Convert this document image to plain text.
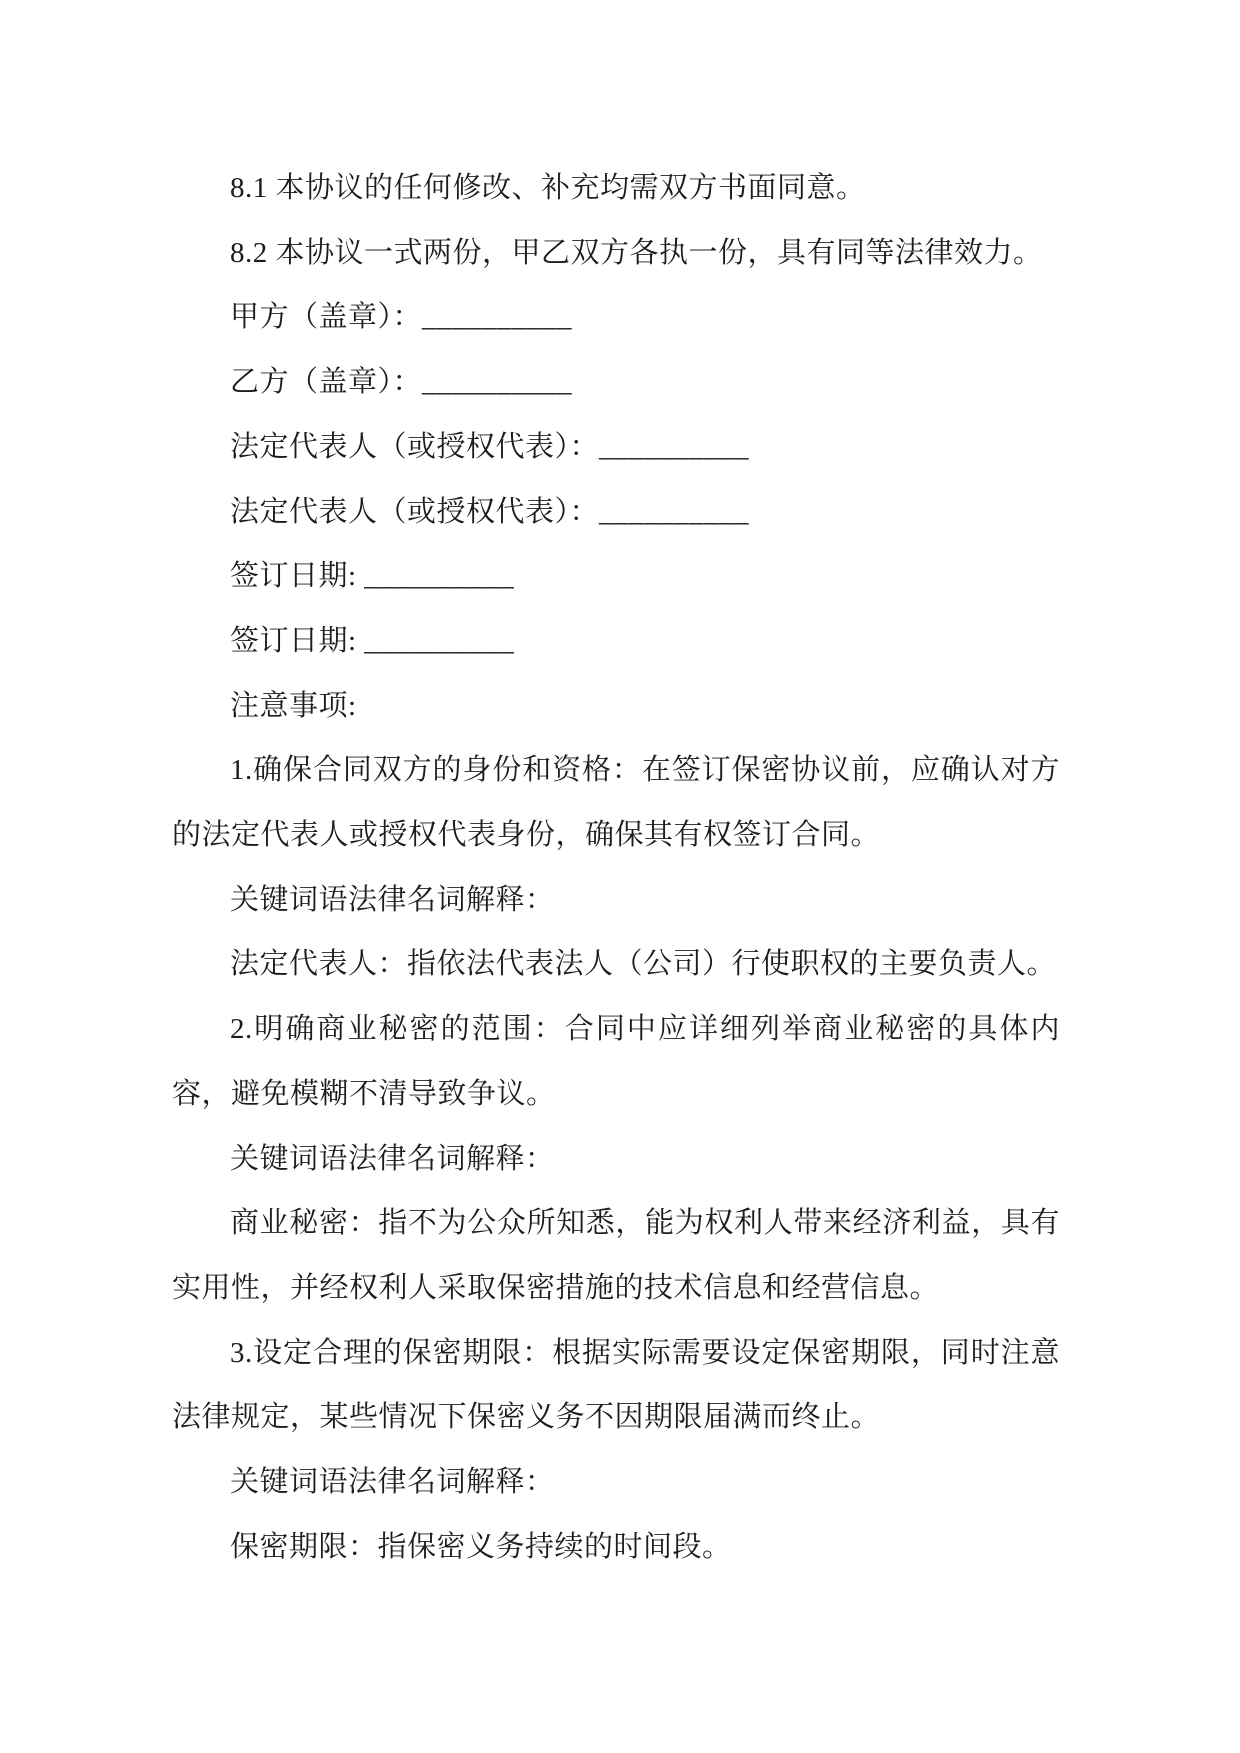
8.1 本协议的任何修改、补充均需双方书面同意。
8.2 本协议一式两份，甲乙双方各执一份，具有同等法律效力。
甲方（盖章）：__________
乙方（盖章）：__________
法定代表人（或授权代表）：__________
法定代表人（或授权代表）：__________
签订日期: __________
签订日期: __________
注意事项:
1.确保合同双方的身份和资格：在签订保密协议前，应确认对方
的法定代表人或授权代表身份，确保其有权签订合同。
关键词语法律名词解释：
法定代表人：指依法代表法人（公司）行使职权的主要负责人。
2.明确商业秘密的范围：合同中应详细列举商业秘密的具体内
容，避免模糊不清导致争议。
关键词语法律名词解释：
商业秘密：指不为公众所知悉，能为权利人带来经济利益，具有
实用性，并经权利人采取保密措施的技术信息和经营信息。
3.设定合理的保密期限：根据实际需要设定保密期限，同时注意
法律规定，某些情况下保密义务不因期限届满而终止。
关键词语法律名词解释：
保密期限：指保密义务持续的时间段。
